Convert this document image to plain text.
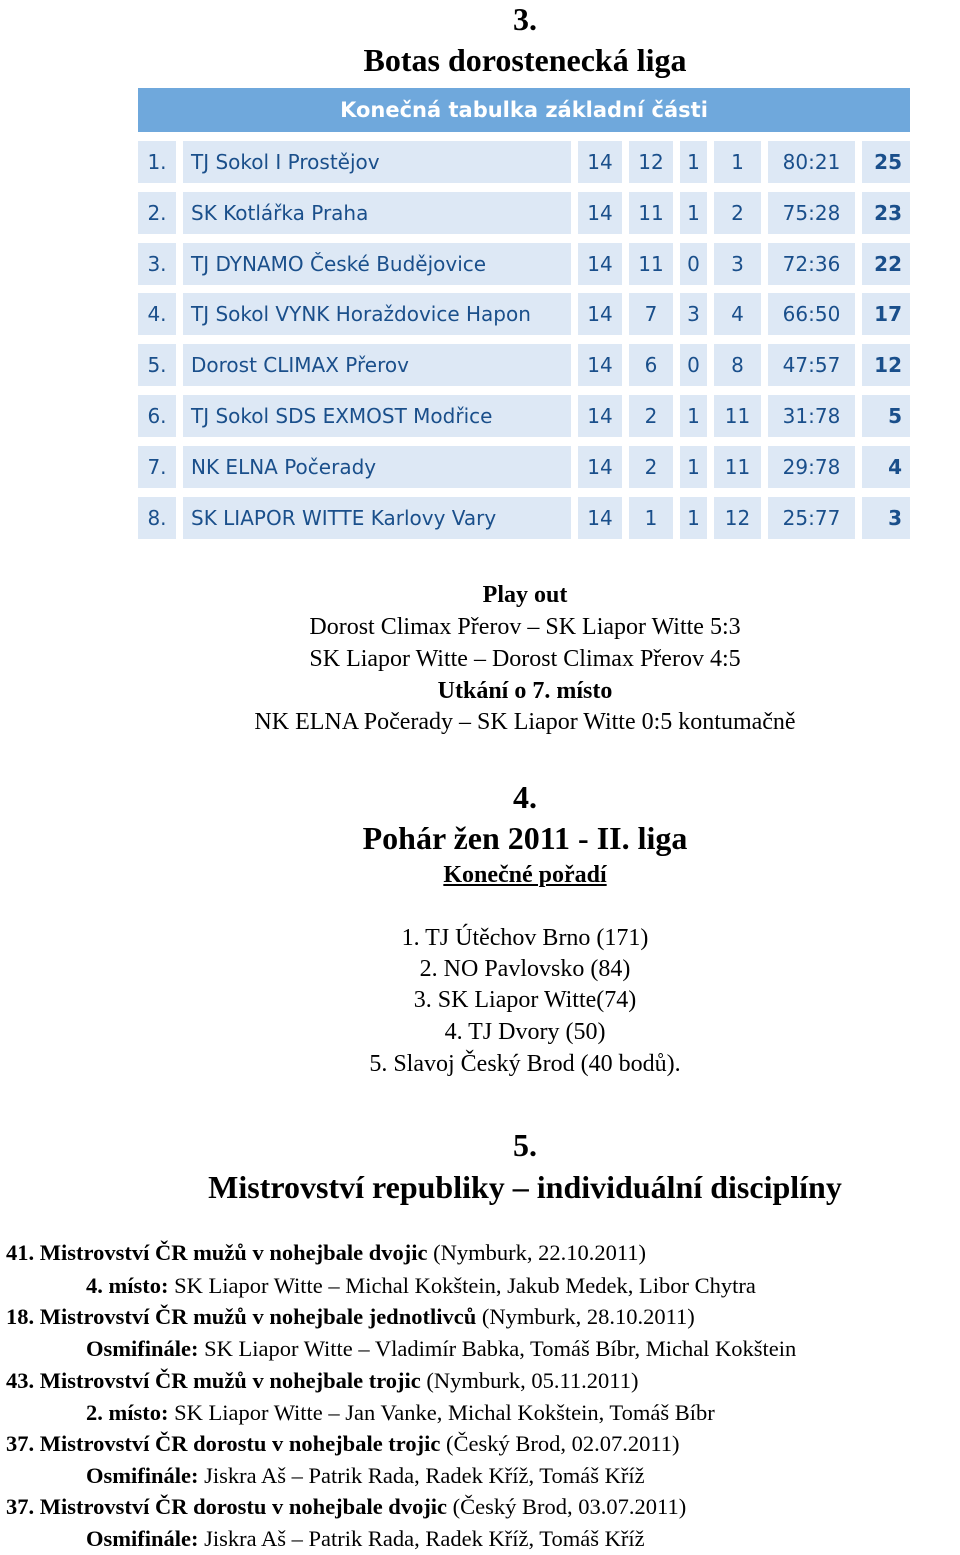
3.
Botas dorostenecká liga
Konečná tabulka základní části
1.	TJ Sokol I Prostějov	14	12	1	1	80:21	25
2.	SK Kotlářka Praha	14	11	1	2	75:28	23
3.	TJ DYNAMO České Budějovice	14	11	0	3	72:36	22
4.	TJ Sokol VYNK Horaždovice Hapon	14	7	3	4	66:50	17
5.	Dorost CLIMAX Přerov	14	6	0	8	47:57	12
6.	TJ Sokol SDS EXMOST Modřice	14	2	1	11	31:78	5
7.	NK ELNA Počerady	14	2	1	11	29:78	4
8.	SK LIAPOR WITTE Karlovy Vary	14	1	1	12	25:77	3
Play out
Dorost Climax Přerov – SK Liapor Witte 5:3
SK Liapor Witte – Dorost Climax Přerov 4:5
Utkání o 7. místo
NK ELNA Počerady – SK Liapor Witte 0:5 kontumačně
4.
Pohár žen 2011 - II. liga
Konečné pořadí
1. TJ Útěchov Brno (171)
2. NO Pavlovsko (84)
3. SK Liapor Witte(74)
4. TJ Dvory (50)
5. Slavoj Český Brod (40 bodů).
5.
Mistrovství republiky – individuální disciplíny
41. Mistrovství ČR mužů v nohejbale dvojic (Nymburk, 22.10.2011)
4. místo: SK Liapor Witte – Michal Kokštein, Jakub Medek, Libor Chytra
18. Mistrovství ČR mužů v nohejbale jednotlivců (Nymburk, 28.10.2011)
Osmifinále: SK Liapor Witte – Vladimír Babka, Tomáš Bíbr, Michal Kokštein
43. Mistrovství ČR mužů v nohejbale trojic (Nymburk, 05.11.2011)
2. místo: SK Liapor Witte – Jan Vanke, Michal Kokštein, Tomáš Bíbr
37. Mistrovství ČR dorostu v nohejbale trojic (Český Brod, 02.07.2011)
Osmifinále: Jiskra Aš – Patrik Rada, Radek Kříž, Tomáš Kříž
37. Mistrovství ČR dorostu v nohejbale dvojic (Český Brod, 03.07.2011)
Osmifinále: Jiskra Aš – Patrik Rada, Radek Kříž, Tomáš Kříž
